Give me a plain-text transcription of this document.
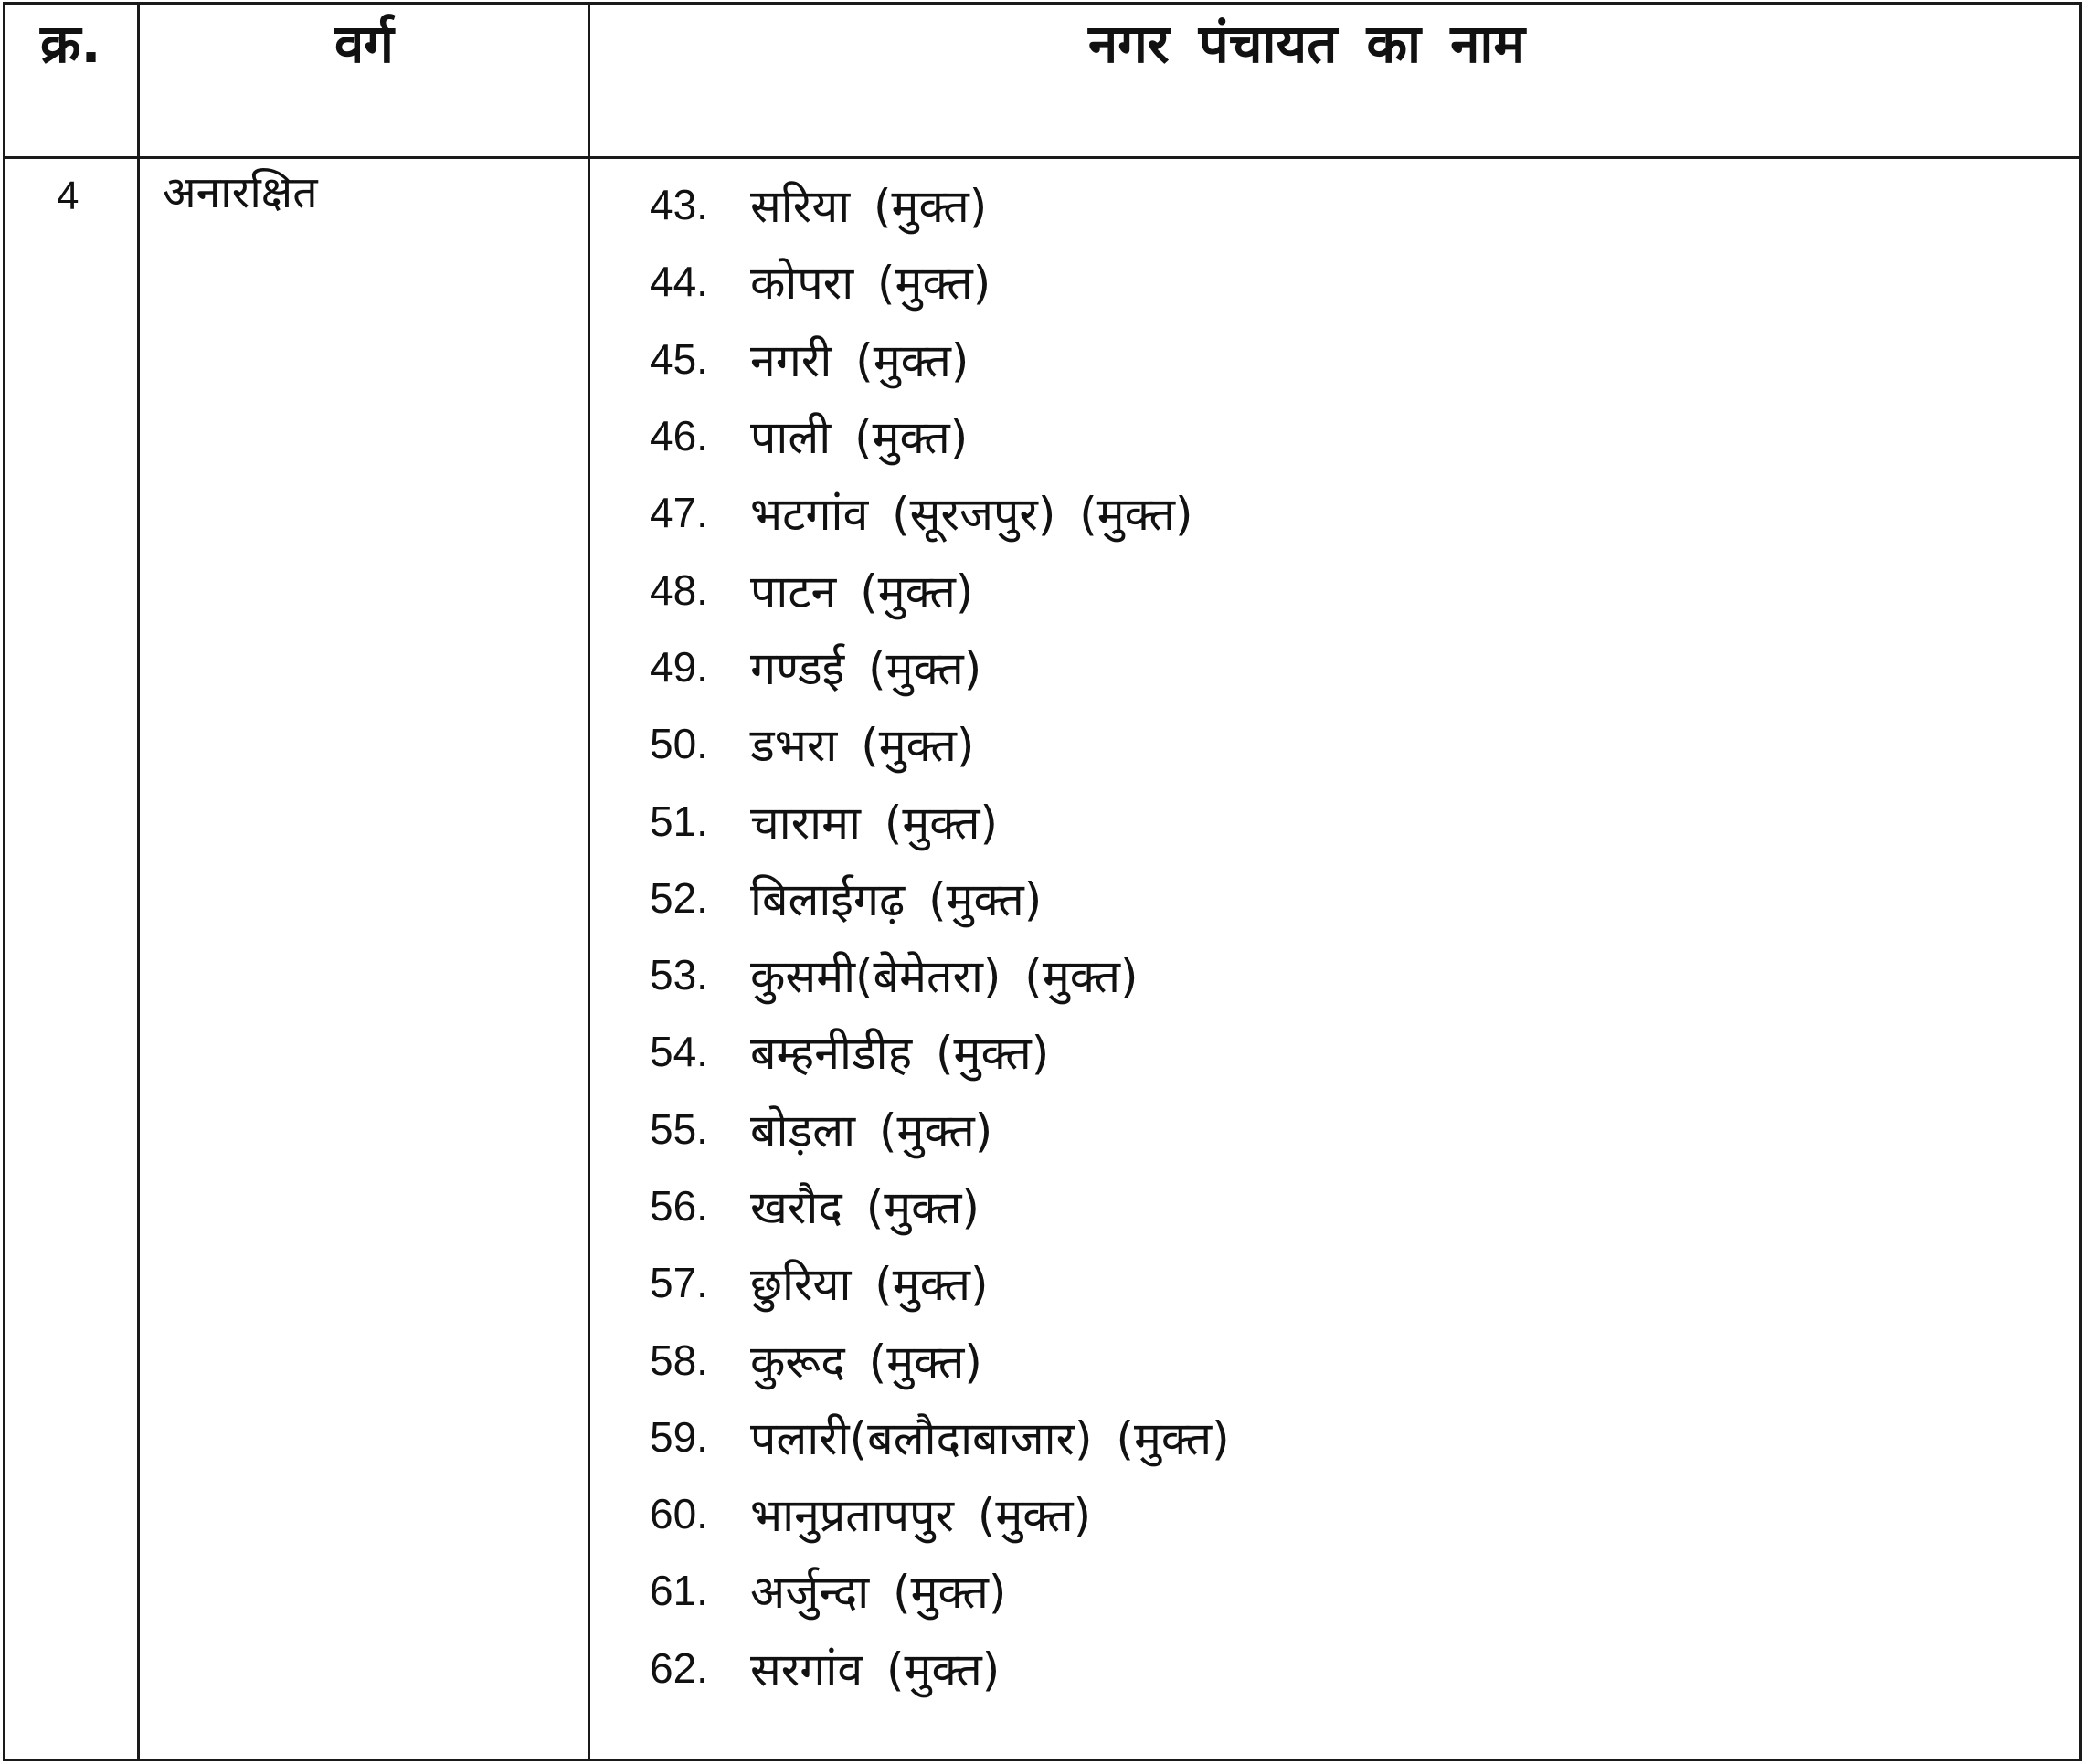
क्र.	वर्ग	नगर पंचायत का नाम
4 अनारक्षित	43. सरिया (मुक्त)
44. कोपरा (मुक्त)
45. नगरी (मुक्त)
46. पाली (मुक्त)
47. भटगांव (सूरजपुर) (मुक्त)
48. पाटन (मुक्त)
49. गण्डई (मुक्त)
50. डभरा (मुक्त)
51. चारामा (मुक्त)
52. बिलाईगढ़ (मुक्त)
53. कुसमी(बेमेतरा) (मुक्त)
54. बम्हनीडीह (मुक्त)
55. बोड़ला (मुक्त)
56. खरौद (मुक्त)
57. छुरिया (मुक्त)
58. कुरूद (मुक्त)
59. पलारी(बलौदाबाजार) (मुक्त)
60. भानुप्रतापपुर (मुक्त)
61. अर्जुन्दा (मुक्त)
62. सरगांव (मुक्त)
